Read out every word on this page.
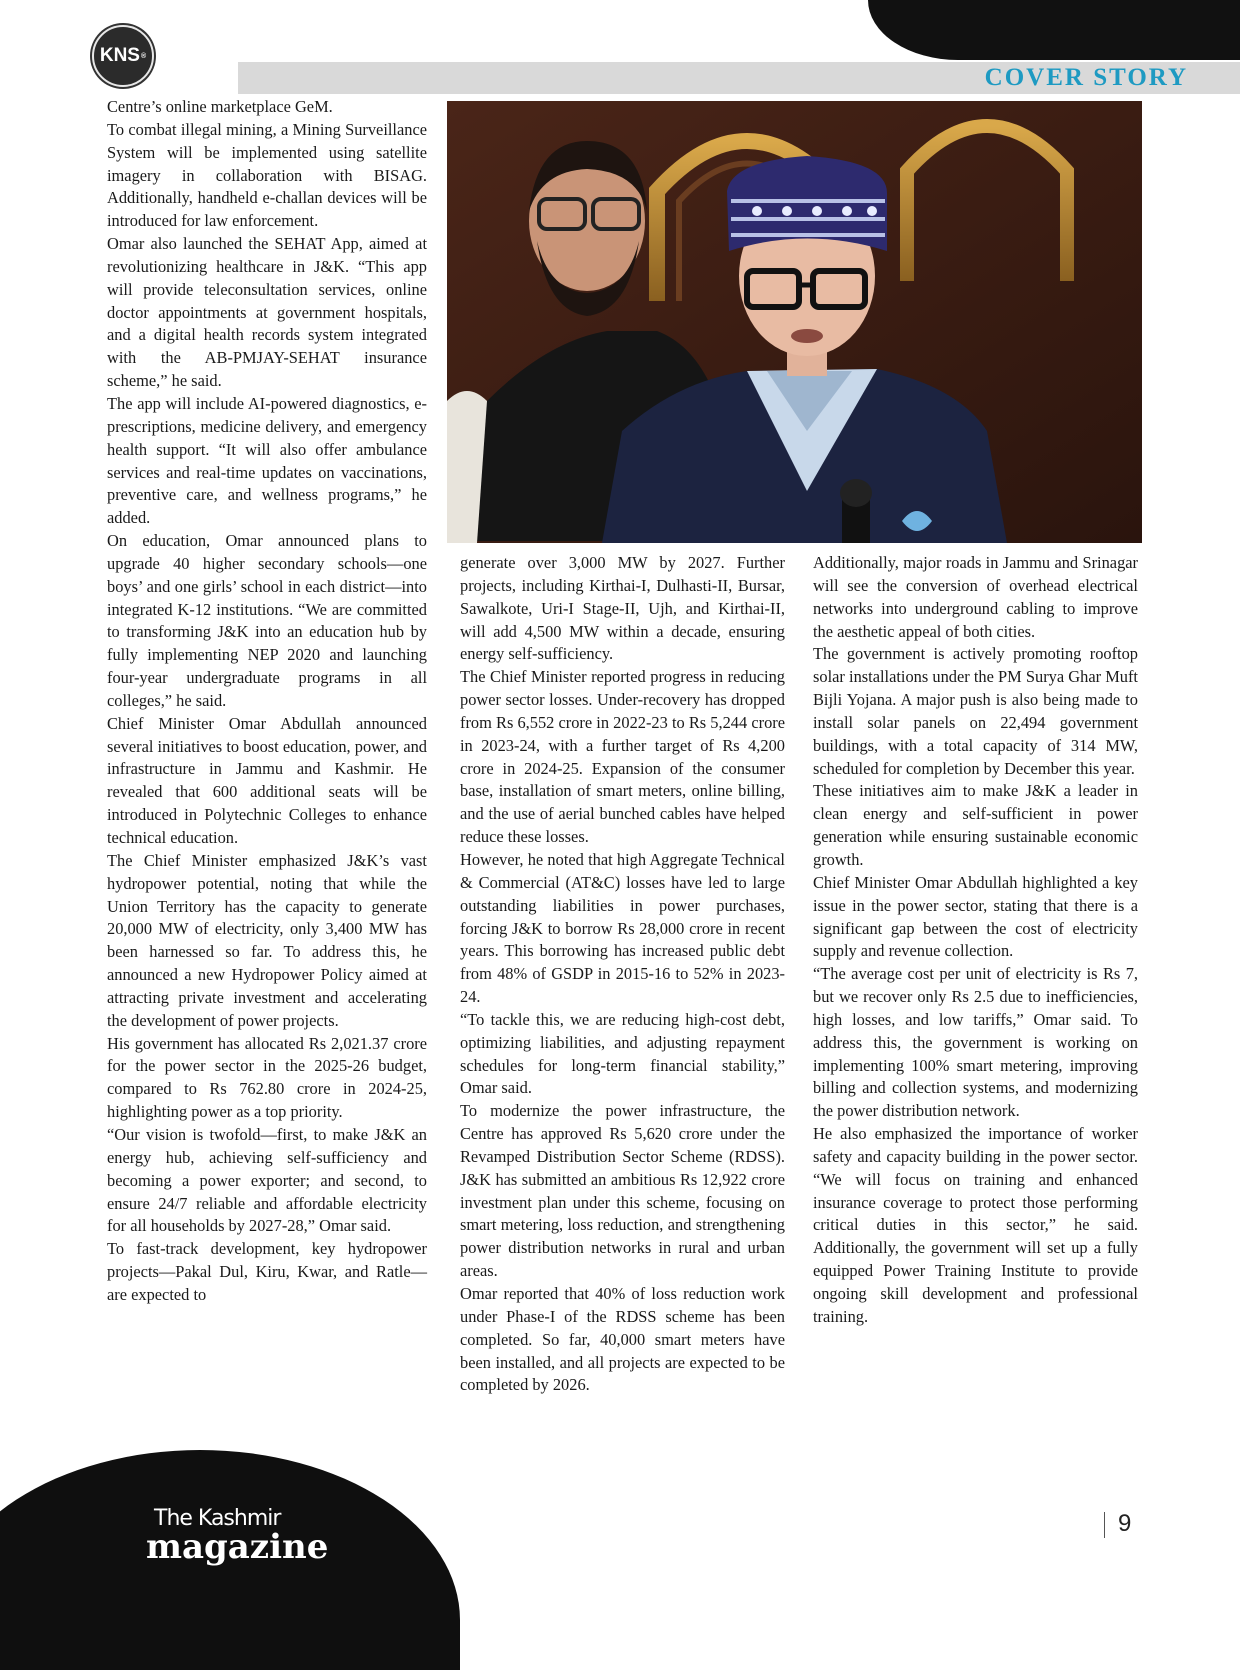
COVER STORY
KNS ®

Centre’s online marketplace GeM.

To combat illegal mining, a Mining Surveillance System will be implemented using satellite imagery in collaboration with BISAG. Additionally, handheld e-challan devices will be introduced for law enforcement.

Omar also launched the SEHAT App, aimed at revolutionizing healthcare in J&K. “This app will provide teleconsultation services, online doctor appointments at government hospitals, and a digital health records system integrated with the AB-PMJAY-SEHAT insurance scheme,” he said.

The app will include AI-powered diagnostics, e-prescriptions, medicine delivery, and emergency health support. “It will also offer ambulance services and real-time updates on vaccinations, preventive care, and wellness programs,” he added.

On education, Omar announced plans to upgrade 40 higher secondary schools—one boys’ and one girls’ school in each district—into integrated K-12 institutions. “We are committed to transforming J&K into an education hub by fully implementing NEP 2020 and launching four-year undergraduate programs in all colleges,” he said.

Chief Minister Omar Abdullah announced several initiatives to boost education, power, and infrastructure in Jammu and Kashmir. He revealed that 600 additional seats will be introduced in Polytechnic Colleges to enhance technical education.

The Chief Minister emphasized J&K’s vast hydropower potential, noting that while the Union Territory has the capacity to generate 20,000 MW of electricity, only 3,400 MW has been harnessed so far. To address this, he announced a new Hydropower Policy aimed at attracting private investment and accelerating the development of power projects.

His government has allocated Rs 2,021.37 crore for the power sector in the 2025-26 budget, compared to Rs 762.80 crore in 2024-25, highlighting power as a top priority.

“Our vision is twofold—first, to make J&K an energy hub, achieving self-sufficiency and becoming a power exporter; and second, to ensure 24/7 reliable and affordable electricity for all households by 2027-28,” Omar said.

To fast-track development, key hydropower projects—Pakal Dul, Kiru, Kwar, and Ratle—are expected to

generate over 3,000 MW by 2027. Further projects, including Kirthai-I, Dulhasti-II, Bursar, Sawalkote, Uri-I Stage-II, Ujh, and Kirthai-II, will add 4,500 MW within a decade, ensuring energy self-sufficiency.

The Chief Minister reported progress in reducing power sector losses. Under-recovery has dropped from Rs 6,552 crore in 2022-23 to Rs 5,244 crore in 2023-24, with a further target of Rs 4,200 crore in 2024-25. Expansion of the consumer base, installation of smart meters, online billing, and the use of aerial bunched cables have helped reduce these losses.

However, he noted that high Aggregate Technical & Commercial (AT&C) losses have led to large outstanding liabilities in power purchases, forcing J&K to borrow Rs 28,000 crore in recent years. This borrowing has increased public debt from 48% of GSDP in 2015-16 to 52% in 2023-24.

“To tackle this, we are reducing high-cost debt, optimizing liabilities, and adjusting repayment schedules for long-term financial stability,” Omar said.

To modernize the power infrastructure, the Centre has approved Rs 5,620 crore under the Revamped Distribution Sector Scheme (RDSS). J&K has submitted an ambitious Rs 12,922 crore investment plan under this scheme, focusing on smart metering, loss reduction, and strengthening power distribution networks in rural and urban areas.

Omar reported that 40% of loss reduction work under Phase-I of the RDSS scheme has been completed. So far, 40,000 smart meters have been installed, and all projects are expected to be completed by 2026.

Additionally, major roads in Jammu and Srinagar will see the conversion of overhead electrical networks into underground cabling to improve the aesthetic appeal of both cities.

The government is actively promoting rooftop solar installations under the PM Surya Ghar Muft Bijli Yojana. A major push is also being made to install solar panels on 22,494 government buildings, with a total capacity of 314 MW, scheduled for completion by December this year.

These initiatives aim to make J&K a leader in clean energy and self-sufficient in power generation while ensuring sustainable economic growth.

Chief Minister Omar Abdullah highlighted a key issue in the power sector, stating that there is a significant gap between the cost of electricity supply and revenue collection.

“The average cost per unit of electricity is Rs 7, but we recover only Rs 2.5 due to inefficiencies, high losses, and low tariffs,” Omar said. To address this, the government is working on implementing 100% smart metering, improving billing and collection systems, and modernizing the power distribution network.

He also emphasized the importance of worker safety and capacity building in the power sector. “We will focus on training and enhanced insurance coverage to protect those performing critical duties in this sector,” he said. Additionally, the government will set up a fully equipped Power Training Institute to provide ongoing skill development and professional training.

The Kashmir
magazine
9
